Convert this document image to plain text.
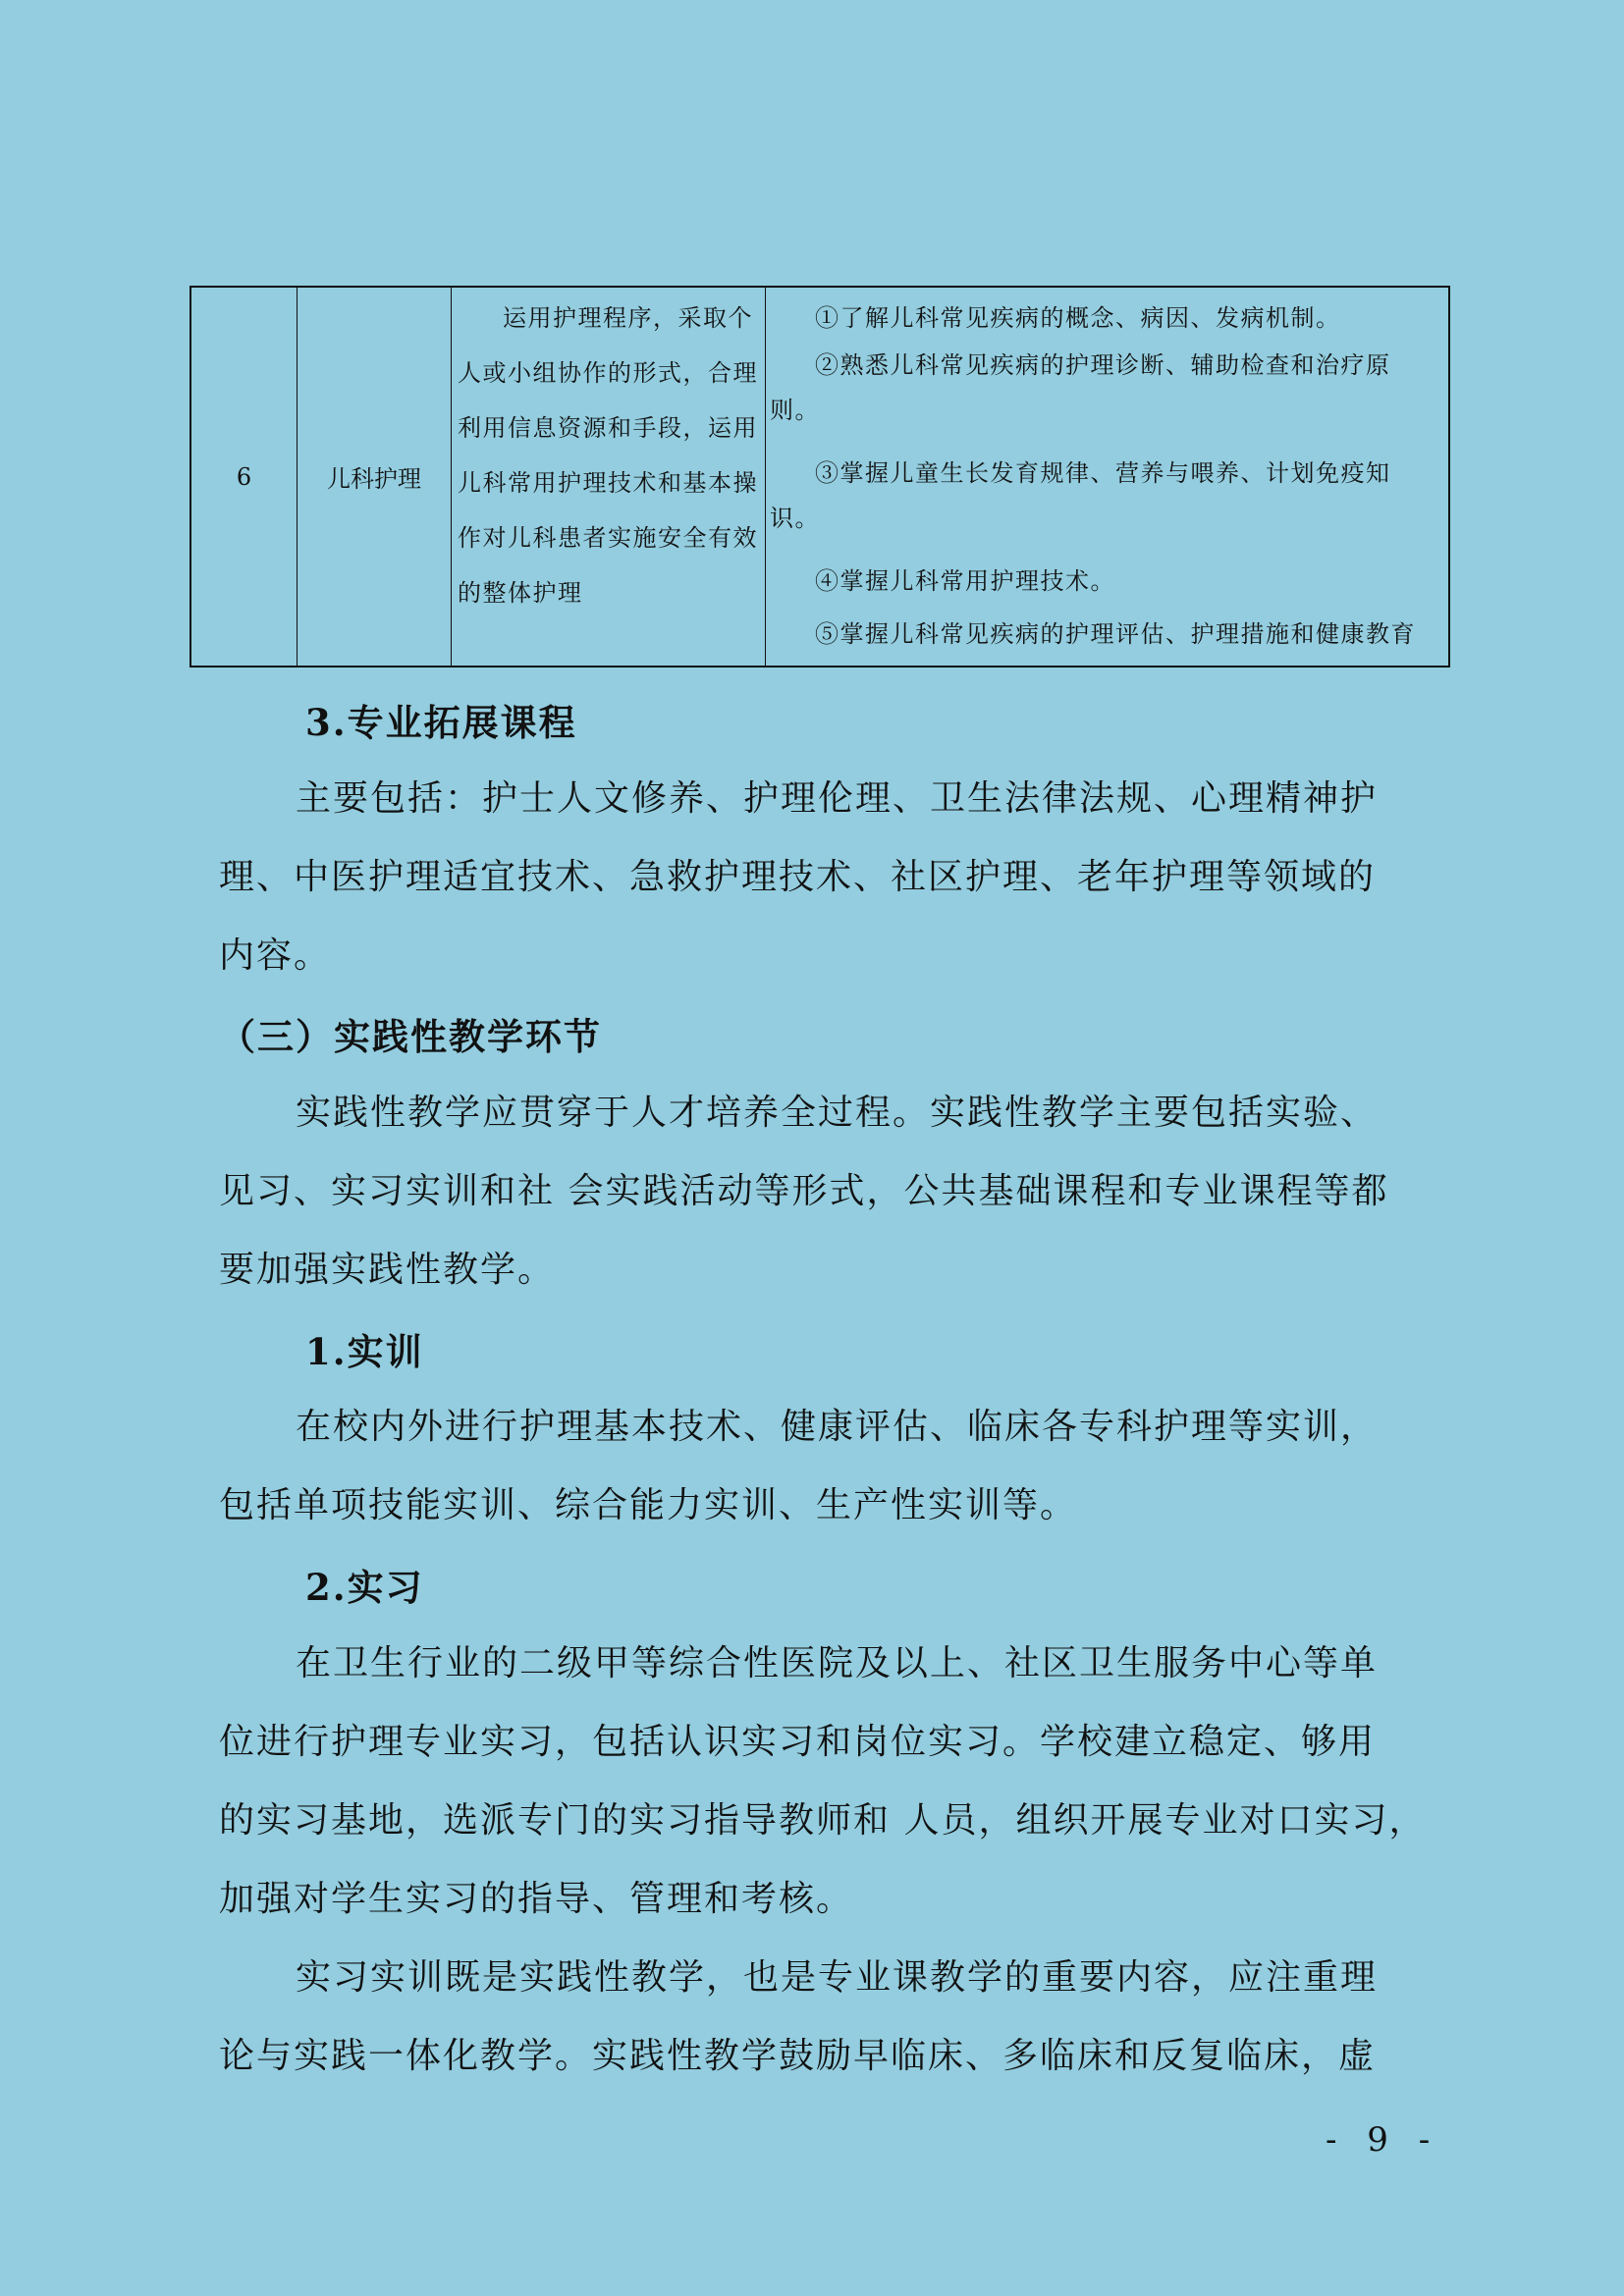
6	儿科护理
运用护理程序，采取个
人或小组协作的形式，合理
利用信息资源和手段，运用
儿科常用护理技术和基本操
作对儿科患者实施安全有效
的整体护理
①了解儿科常见疾病的概念、病因、发病机制。
②熟悉儿科常见疾病的护理诊断、辅助检查和治疗原
则。
③掌握儿童生长发育规律、营养与喂养、计划免疫知
识。
④掌握儿科常用护理技术。
⑤掌握儿科常见疾病的护理评估、护理措施和健康教育
3.专业拓展课程
主要包括：护士人文修养、护理伦理、卫生法律法规、心理精神护
理、中医护理适宜技术、急救护理技术、社区护理、老年护理等领域的
内容。
（三）实践性教学环节
实践性教学应贯穿于人才培养全过程。实践性教学主要包括实验、
见习、实习实训和社 会实践活动等形式，公共基础课程和专业课程等都
要加强实践性教学。
1.实训
在校内外进行护理基本技术、健康评估、临床各专科护理等实训，
包括单项技能实训、综合能力实训、生产性实训等。
2.实习
在卫生行业的二级甲等综合性医院及以上、社区卫生服务中心等单
位进行护理专业实习，包括认识实习和岗位实习。学校建立稳定、够用
的实习基地，选派专门的实习指导教师和 人员，组织开展专业对口实习，
加强对学生实习的指导、管理和考核。
实习实训既是实践性教学，也是专业课教学的重要内容，应注重理
论与实践一体化教学。实践性教学鼓励早临床、多临床和反复临床，虚
- 9 -
